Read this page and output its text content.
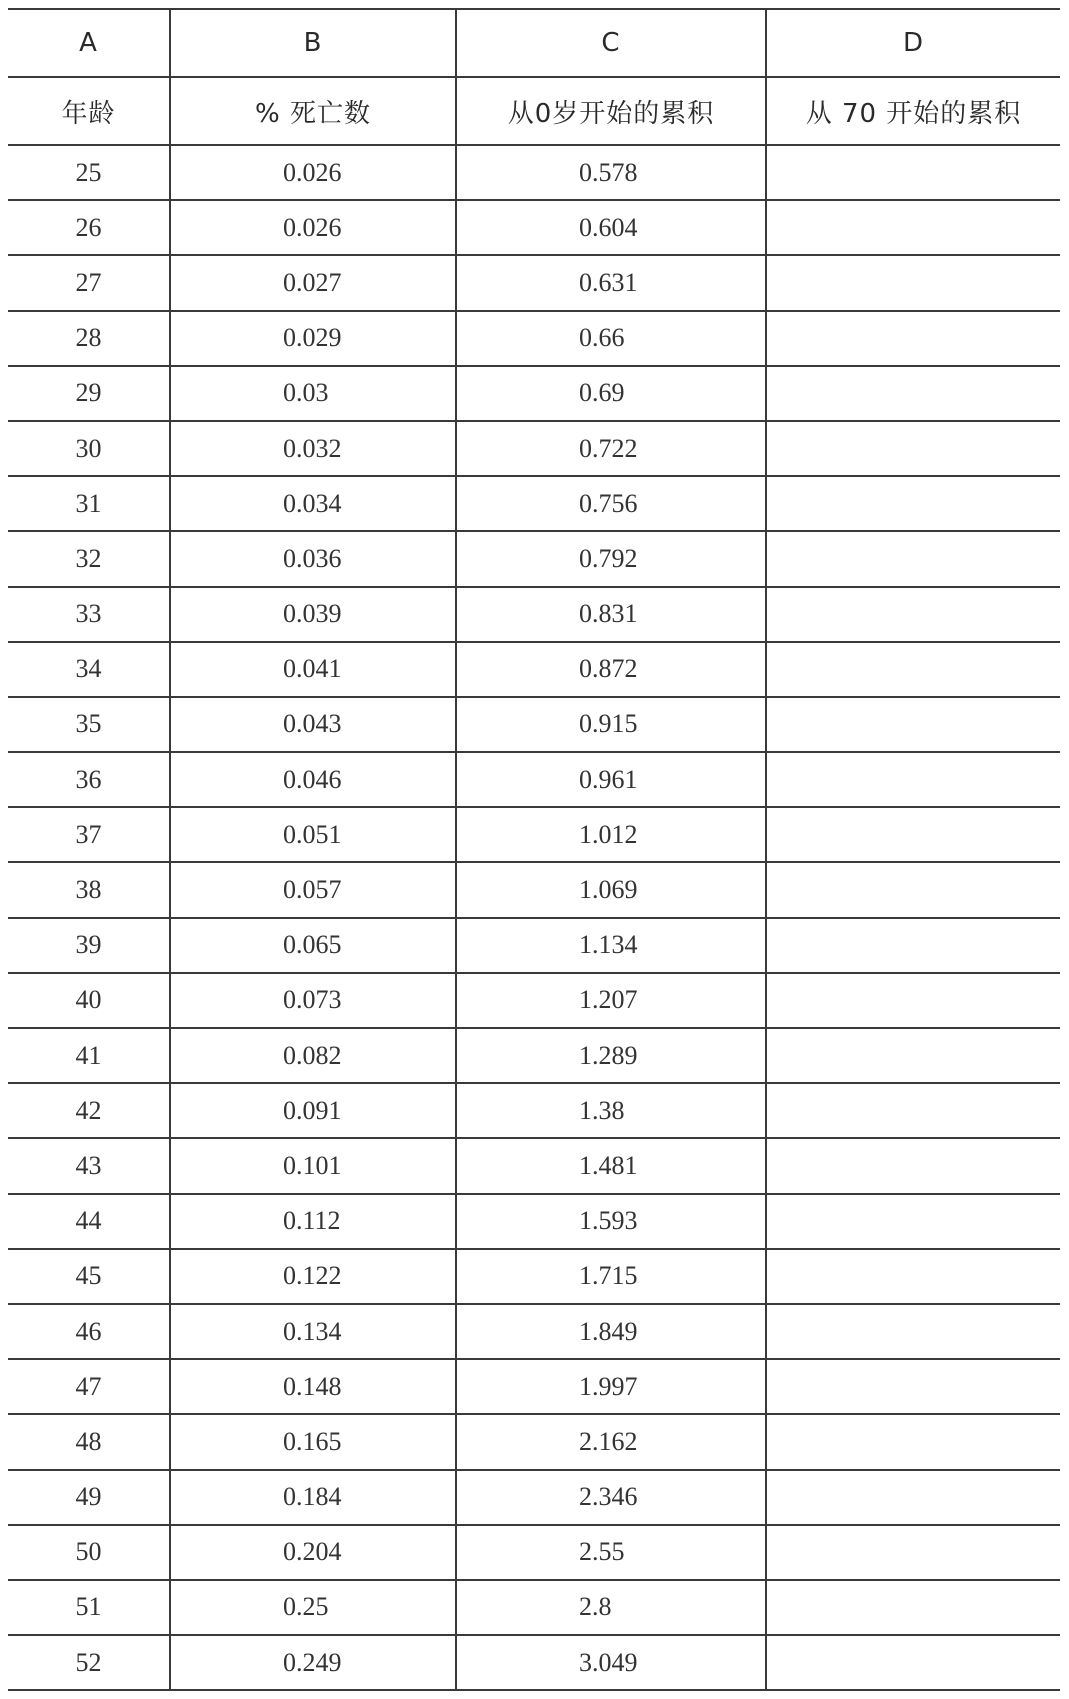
A	B	C	D
年龄	% 死亡数	从0岁开始的累积	从 70 开始的累积
25	0.026	0.578	
26	0.026	0.604	
27	0.027	0.631	
28	0.029	0.66	
29	0.03	0.69	
30	0.032	0.722	
31	0.034	0.756	
32	0.036	0.792	
33	0.039	0.831	
34	0.041	0.872	
35	0.043	0.915	
36	0.046	0.961	
37	0.051	1.012	
38	0.057	1.069	
39	0.065	1.134	
40	0.073	1.207	
41	0.082	1.289	
42	0.091	1.38	
43	0.101	1.481	
44	0.112	1.593	
45	0.122	1.715	
46	0.134	1.849	
47	0.148	1.997	
48	0.165	2.162	
49	0.184	2.346	
50	0.204	2.55	
51	0.25	2.8	
52	0.249	3.049	
